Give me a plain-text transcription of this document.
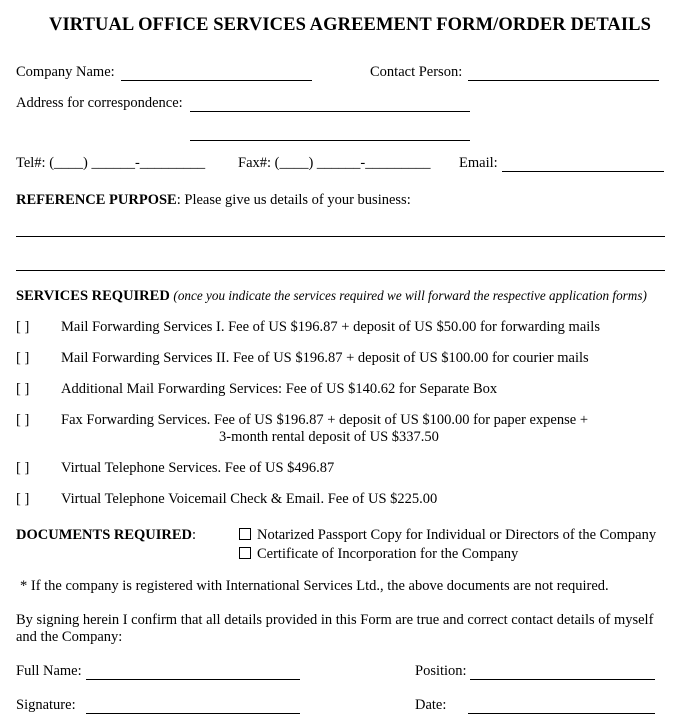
VIRTUAL OFFICE SERVICES AGREEMENT FORM/ORDER DETAILS
Company Name:	Contact Person:
Address for correspondence:
Tel#: (____) ______-_________ Fax#: (____) ______-_________ Email:
REFERENCE PURPOSE: Please give us details of your business:
SERVICES REQUIRED (once you indicate the services required we will forward the respective application forms)
[ ] Mail Forwarding Services I. Fee of US $196.87 + deposit of US $50.00 for forwarding mails
[ ] Mail Forwarding Services II. Fee of US $196.87 + deposit of US $100.00 for courier mails
[ ] Additional Mail Forwarding Services: Fee of US $140.62 for Separate Box
[ ] Fax Forwarding Services. Fee of US $196.87 + deposit of US $100.00 for paper expense +
3-month rental deposit of US $337.50
[ ] Virtual Telephone Services. Fee of US $496.87
[ ] Virtual Telephone Voicemail Check & Email. Fee of US $225.00
DOCUMENTS REQUIRED:	Notarized Passport Copy for Individual or Directors of the Company
Certificate of Incorporation for the Company
* If the company is registered with International Services Ltd., the above documents are not required.
By signing herein I confirm that all details provided in this Form are true and correct contact details of myself
and the Company:
Full Name:	Position:
Signature:	Date:
